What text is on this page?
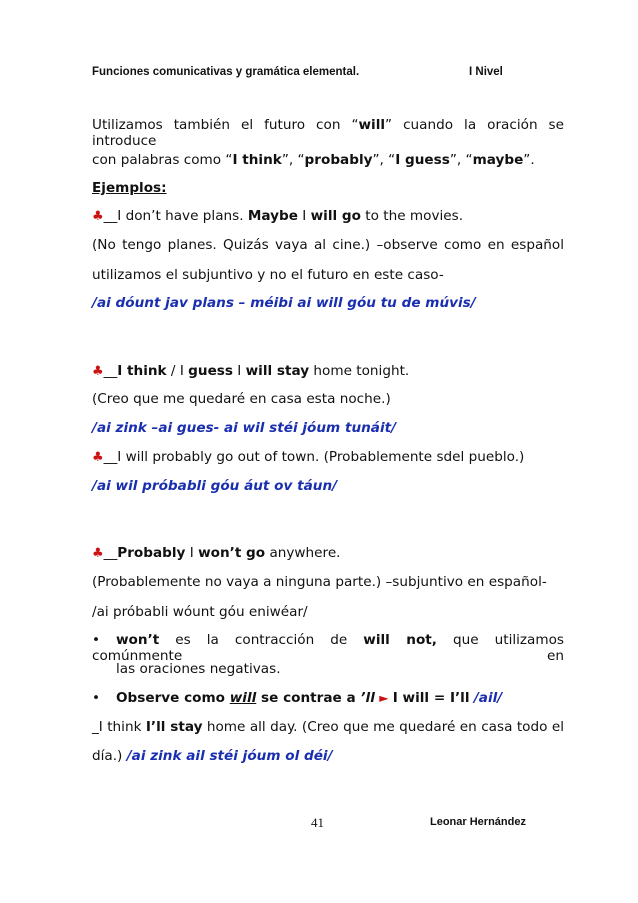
Funciones comunicativas y gramática elemental.	I Nivel
Utilizamos también el futuro con “will” cuando la oración se introduce
con palabras como “I think”, “probably”, “I guess”, “maybe”.
Ejemplos:
♣__I don’t have plans. Maybe I will go to the movies.
(No tengo planes. Quizás vaya al cine.) –observe como en español
utilizamos el subjuntivo y no el futuro en este caso-
/ai dóunt jav plans – méibi ai will góu tu de múvis/
♣__I think / I guess I will stay home tonight.
(Creo que me quedaré en casa esta noche.)
/ai zink –ai gues- ai wil stéi jóum tunáit/
♣__I will probably go out of town. (Probablemente sdel pueblo.)
/ai wil próbabli góu áut ov táun/
♣__Probably I won’t go anywhere.
(Probablemente no vaya a ninguna parte.) –subjuntivo en español-
/ai próbabli wóunt góu eniwéar/
• won’t es la contracción de will not, que utilizamos comúnmente en
las oraciones negativas.
• Observe como will se contrae a ’ll ► I will = I’ll /ail/
_I think I’ll stay home all day. (Creo que me quedaré en casa todo el
día.) /ai zink ail stéi jóum ol déi/
41	Leonar Hernández
